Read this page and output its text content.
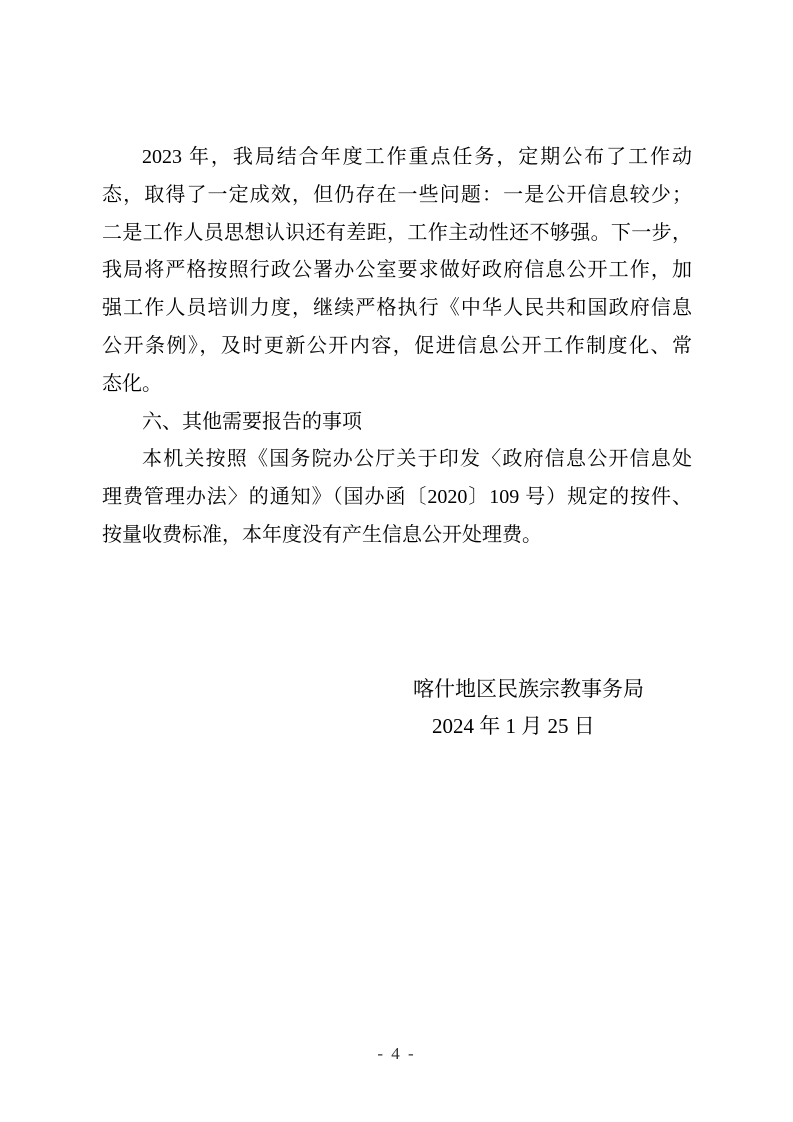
2023 年，我局结合年度工作重点任务，定期公布了工作动
态，取得了一定成效，但仍存在一些问题：一是公开信息较少；
二是工作人员思想认识还有差距，工作主动性还不够强。下一步，
我局将严格按照行政公署办公室要求做好政府信息公开工作，加
强工作人员培训力度，继续严格执行《中华人民共和国政府信息
公开条例》，及时更新公开内容，促进信息公开工作制度化、常
态化。
六、其他需要报告的事项
本机关按照《国务院办公厅关于印发〈政府信息公开信息处
理费管理办法〉的通知》（国办函〔2020〕109 号）规定的按件、
按量收费标准，本年度没有产生信息公开处理费。
喀什地区民族宗教事务局
2024 年 1 月 25 日
- 4 -
